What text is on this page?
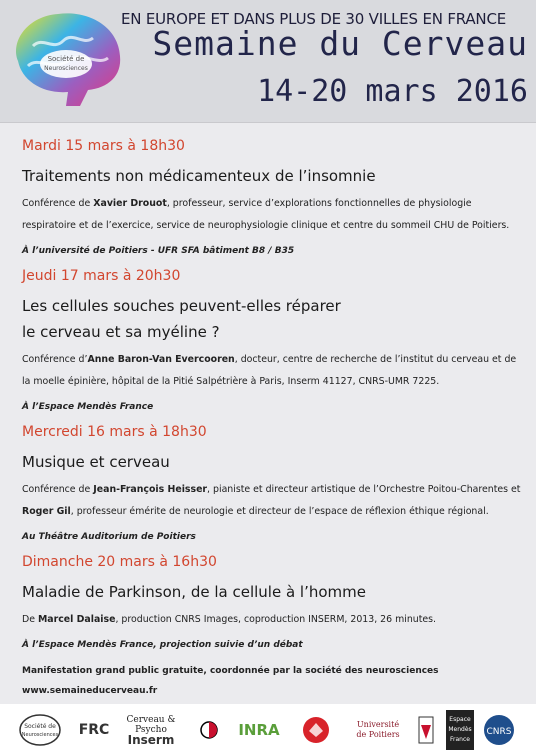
Société de
Neurosciences
EN EUROPE ET DANS PLUS DE 30 VILLES EN FRANCE
Semaine du Cerveau
14-20 mars 2016
Mardi 15 mars à 18h30
Traitements non médicamenteux de l’insomnie
Conférence de Xavier Drouot, professeur, service d’explorations fonctionnelles de physiologie respiratoire et de l’exercice, service de neurophysiologie clinique et centre du sommeil CHU de Poitiers.
À l’université de Poitiers - UFR SFA bâtiment B8 / B35
Jeudi 17 mars à 20h30
Les cellules souches peuvent-elles réparer
le cerveau et sa myéline ?
Conférence d’Anne Baron-Van Evercooren, docteur, centre de recherche de l’institut du cerveau et de la moelle épinière, hôpital de la Pitié Salpétrière à Paris, Inserm 41127, CNRS-UMR 7225.
À l’Espace Mendès France
Mercredi 16 mars à 18h30
Musique et cerveau
Conférence de Jean-François Heisser, pianiste et directeur artistique de l’Orchestre Poitou-Charentes et Roger Gil, professeur émérite de neurologie et directeur de l’espace de réflexion éthique régional.
Au Théâtre Auditorium de Poitiers
Dimanche 20 mars à 16h30
Maladie de Parkinson, de la cellule à l’homme
De Marcel Dalaise, production CNRS Images, coproduction INSERM, 2013, 26 minutes.
À l’Espace Mendès France, projection suivie d’un débat
Manifestation grand public gratuite, coordonnée par la société des neurosciences
www.semaineducerveau.fr
Société de
Neurosciences	FRC
Cerveau & Psycho
Inserm
INRA	Université de Poitiers
Espace Mendès France
CNRS
